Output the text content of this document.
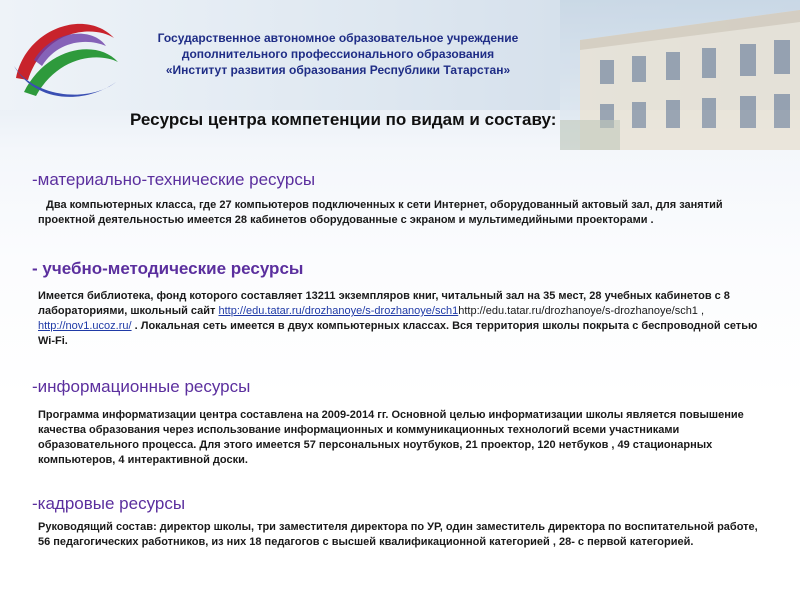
Государственное автономное образовательное учреждение
дополнительного профессионального образования
«Институт развития образования Республики Татарстан»
Ресурсы центра компетенции по видам и составу:
-материально-технические ресурсы
Два компьютерных класса, где 27 компьютеров подключенных к сети Интернет, оборудованный актовый зал, для занятий проектной деятельностью имеется 28 кабинетов оборудованные с экраном и мультимедийными проекторами .
- учебно-методические ресурсы
Имеется библиотека, фонд которого составляет 13211 экземпляров книг, читальный зал на 35 мест, 28 учебных кабинетов с 8 лабораториями, школьный сайт http://edu.tatar.ru/drozhanoye/s-drozhanoye/sch1http://edu.tatar.ru/drozhanoye/s-drozhanoye/sch1 , http://nov1.ucoz.ru/ . Локальная сеть имеется в двух компьютерных классах. Вся территория школы покрыта с беспроводной сетью Wi-Fi.
-информационные ресурсы
Программа информатизации центра составлена на 2009-2014 гг. Основной целью информатизации школы является повышение качества образования через использование информационных и коммуникационных технологий всеми участниками образовательного процесса. Для этого имеется 57 персональных ноутбуков, 21 проектор, 120 нетбуков , 49 стационарных компьютеров, 4 интерактивной доски.
-кадровые ресурсы
Руководящий состав: директор школы, три заместителя директора по УР, один заместитель директора по воспитательной работе, 56 педагогических работников, из них 18 педагогов с высшей квалификационной категорией , 28- с первой категорией.
